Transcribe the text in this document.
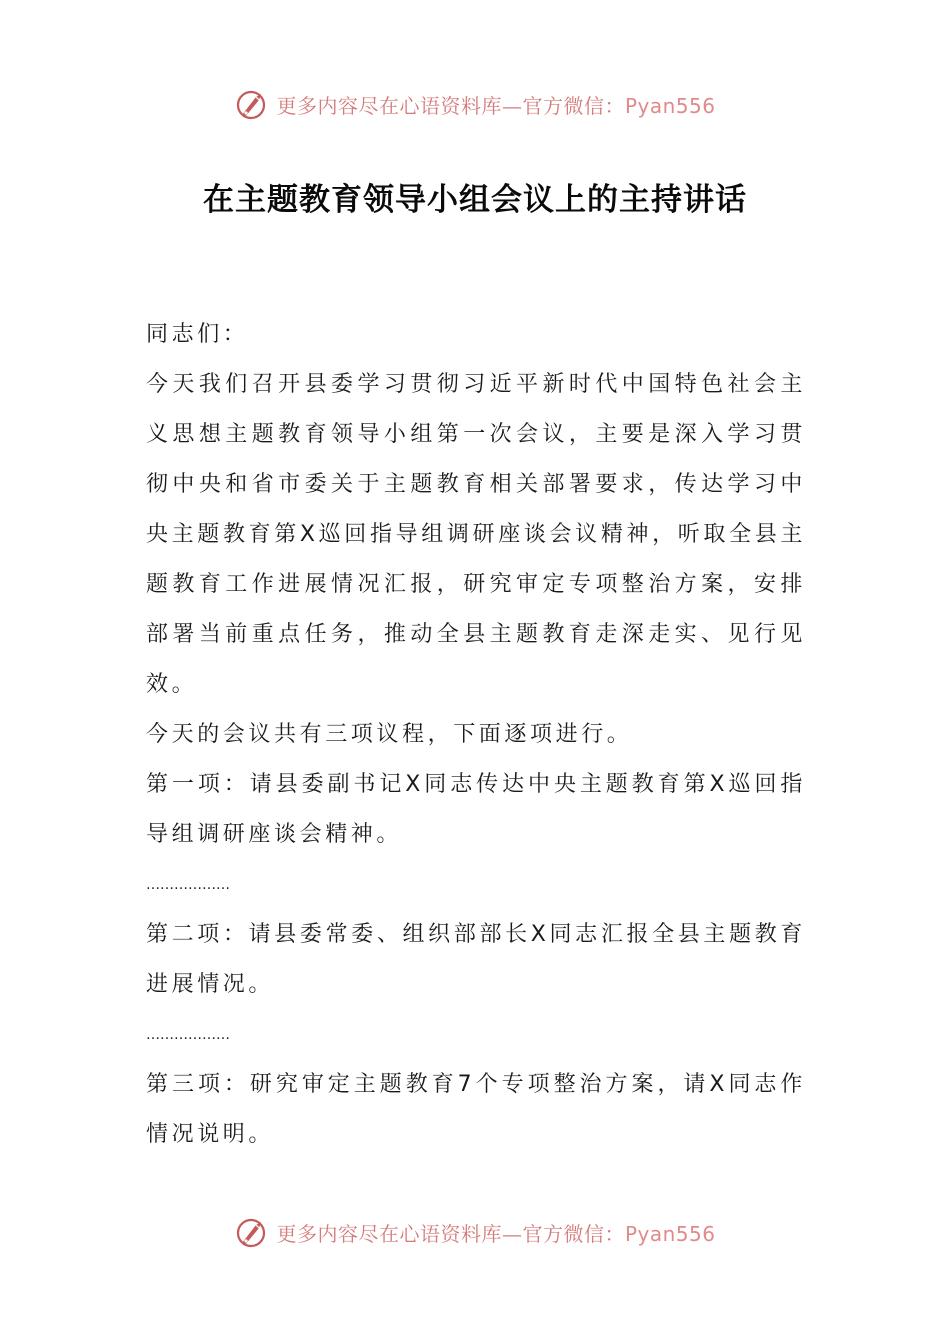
更多内容尽在心语资料库—官方微信：Pyan556
在主题教育领导小组会议上的主持讲话

同志们：

今天我们召开县委学习贯彻习近平新时代中国特色社会主义思想主题教育领导小组第一次会议，主要是深入学习贯彻中央和省市委关于主题教育相关部署要求，传达学习中央主题教育第X巡回指导组调研座谈会议精神，听取全县主题教育工作进展情况汇报，研究审定专项整治方案，安排部署当前重点任务，推动全县主题教育走深走实、见行见效。

今天的会议共有三项议程，下面逐项进行。

第一项：请县委副书记X同志传达中央主题教育第X巡回指导组调研座谈会精神。

………………

第二项：请县委常委、组织部部长X同志汇报全县主题教育进展情况。

………………

第三项：研究审定主题教育7个专项整治方案，请X同志作情况说明。

更多内容尽在心语资料库—官方微信：Pyan556
